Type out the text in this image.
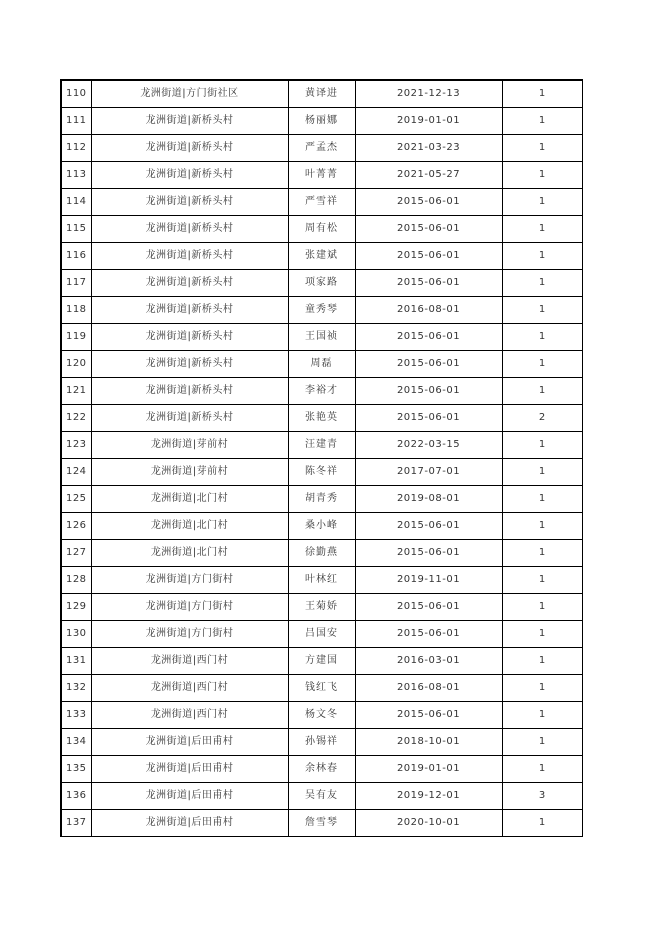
110	龙洲街道|方门街社区	黄译进	2021-12-13	1
111	龙洲街道|新桥头村	杨丽娜	2019-01-01	1
112	龙洲街道|新桥头村	严孟杰	2021-03-23	1
113	龙洲街道|新桥头村	叶菁菁	2021-05-27	1
114	龙洲街道|新桥头村	严雪祥	2015-06-01	1
115	龙洲街道|新桥头村	周有松	2015-06-01	1
116	龙洲街道|新桥头村	张建斌	2015-06-01	1
117	龙洲街道|新桥头村	项家路	2015-06-01	1
118	龙洲街道|新桥头村	童秀琴	2016-08-01	1
119	龙洲街道|新桥头村	王国祯	2015-06-01	1
120	龙洲街道|新桥头村	周磊	2015-06-01	1
121	龙洲街道|新桥头村	李裕才	2015-06-01	1
122	龙洲街道|新桥头村	张艳英	2015-06-01	2
123	龙洲街道|芽前村	汪建青	2022-03-15	1
124	龙洲街道|芽前村	陈冬祥	2017-07-01	1
125	龙洲街道|北门村	胡青秀	2019-08-01	1
126	龙洲街道|北门村	桑小峰	2015-06-01	1
127	龙洲街道|北门村	徐勤燕	2015-06-01	1
128	龙洲街道|方门街村	叶林红	2019-11-01	1
129	龙洲街道|方门街村	王菊娇	2015-06-01	1
130	龙洲街道|方门街村	吕国安	2015-06-01	1
131	龙洲街道|西门村	方建国	2016-03-01	1
132	龙洲街道|西门村	钱红飞	2016-08-01	1
133	龙洲街道|西门村	杨文冬	2015-06-01	1
134	龙洲街道|后田甫村	孙锡祥	2018-10-01	1
135	龙洲街道|后田甫村	余林春	2019-01-01	1
136	龙洲街道|后田甫村	吴有友	2019-12-01	3
137	龙洲街道|后田甫村	詹雪琴	2020-10-01	1
